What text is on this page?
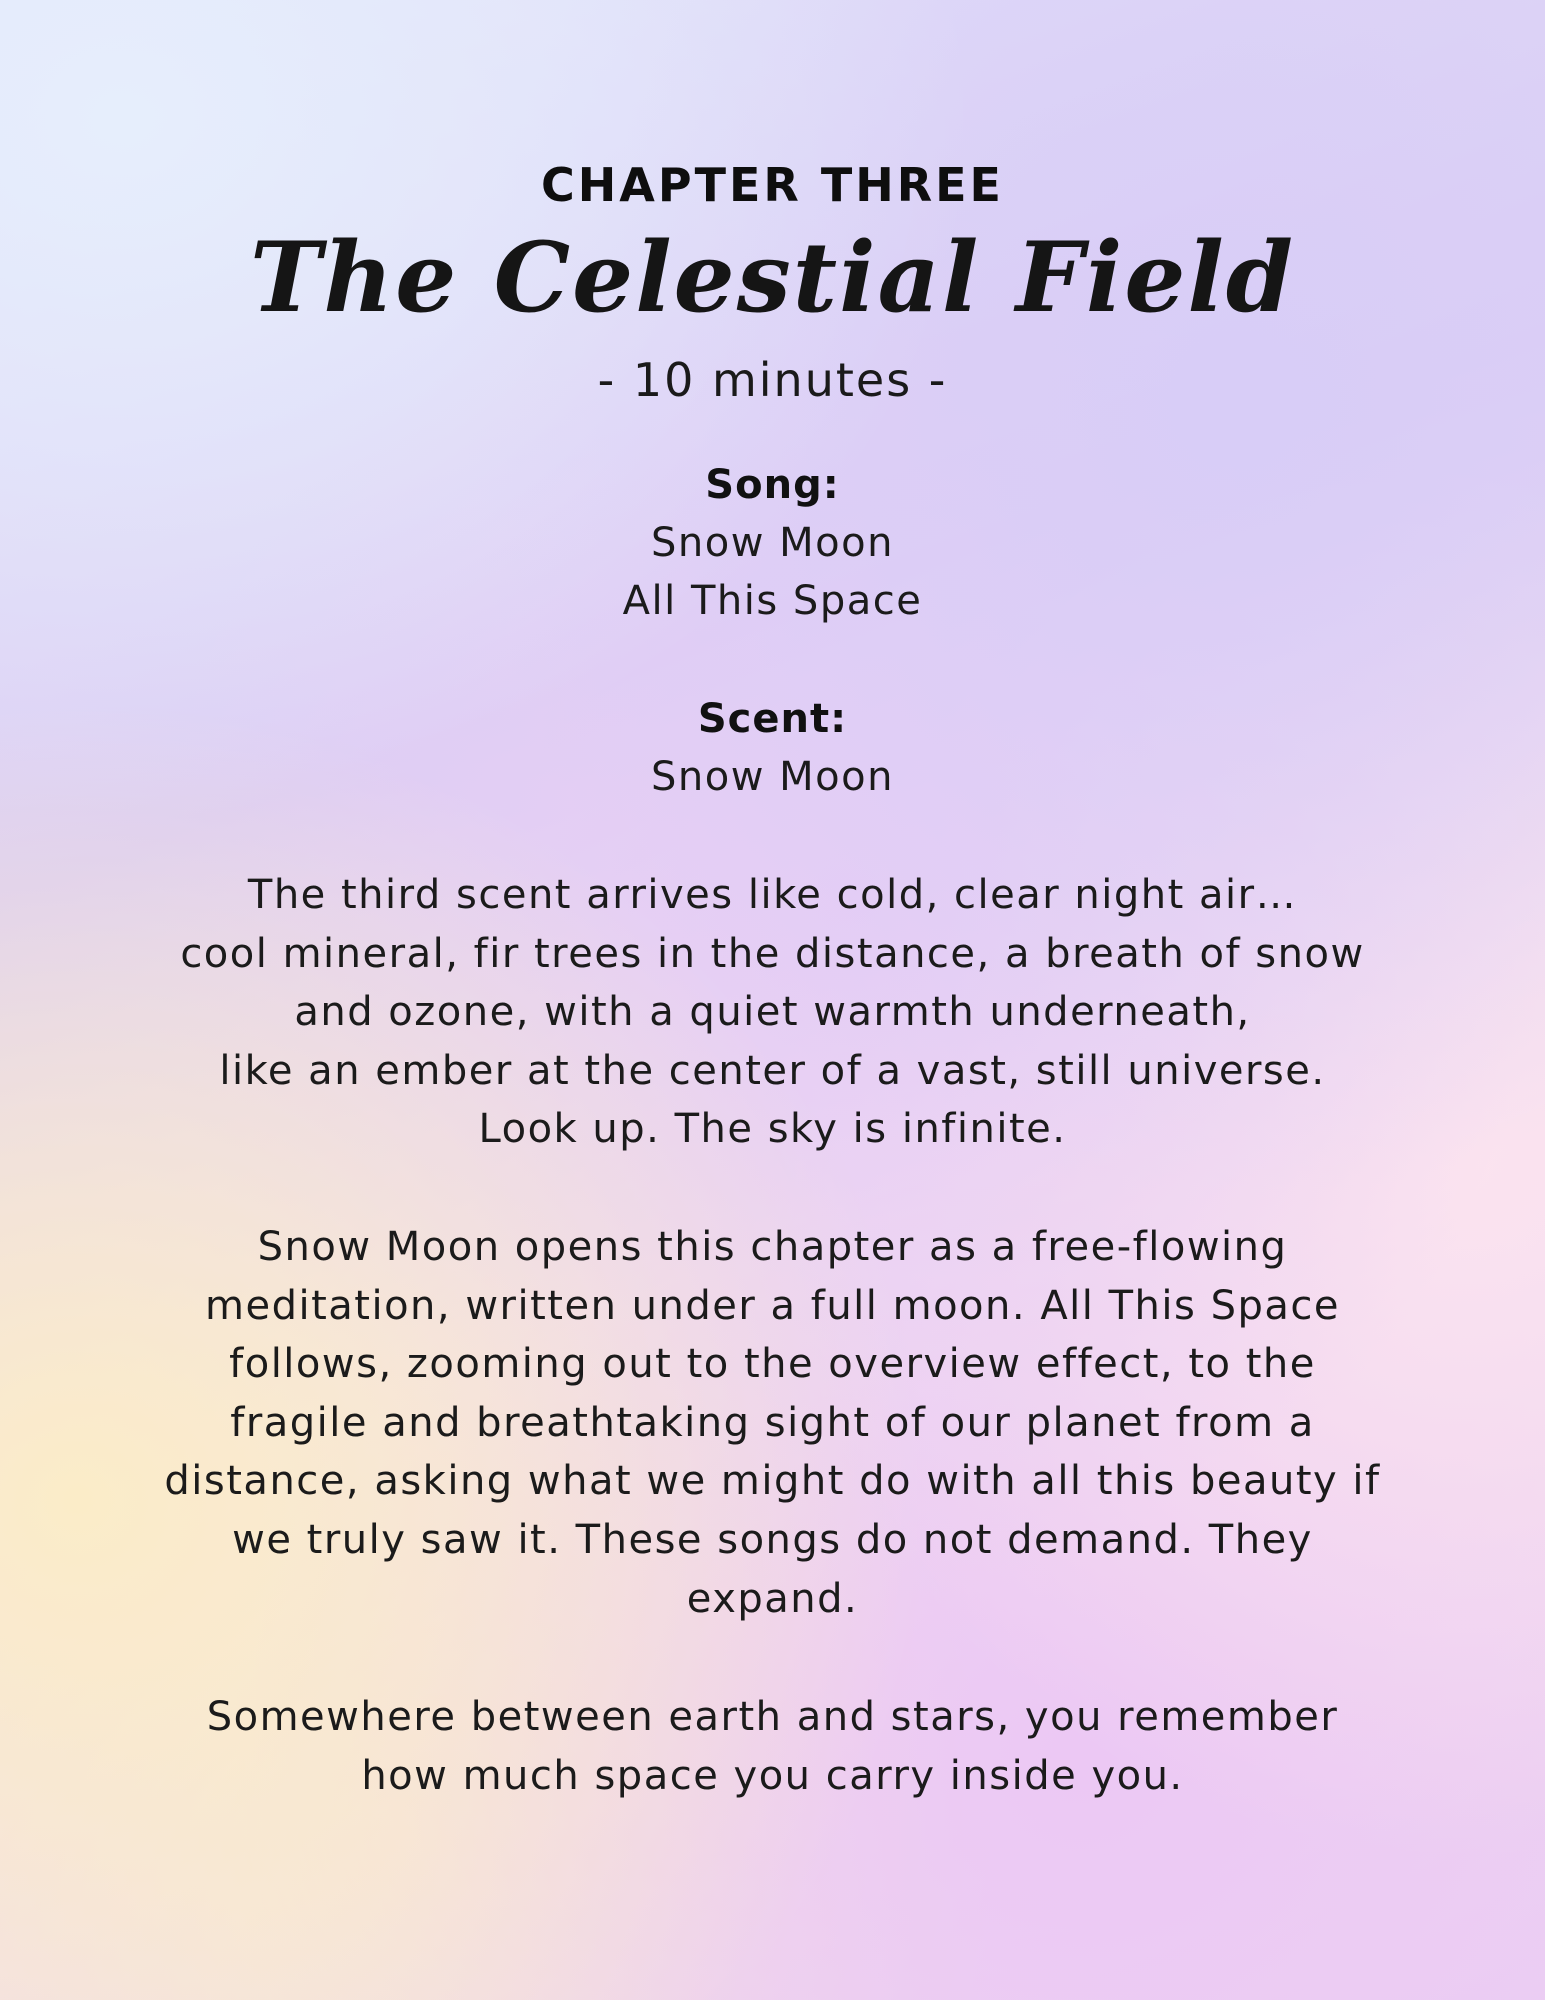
CHAPTER THREE
The Celestial Field

- 10 minutes -

Song:

Snow Moon

All This Space

Scent:

Snow Moon

The third scent arrives like cold, clear night air…
cool mineral, fir trees in the distance, a breath of snow
and ozone, with a quiet warmth underneath,
like an ember at the center of a vast, still universe.
Look up. The sky is infinite.
Snow Moon opens this chapter as a free-flowing
meditation, written under a full moon. All This Space
follows, zooming out to the overview effect, to the
fragile and breathtaking sight of our planet from a
distance, asking what we might do with all this beauty if
we truly saw it. These songs do not demand. They
expand.
Somewhere between earth and stars, you remember
how much space you carry inside you.
